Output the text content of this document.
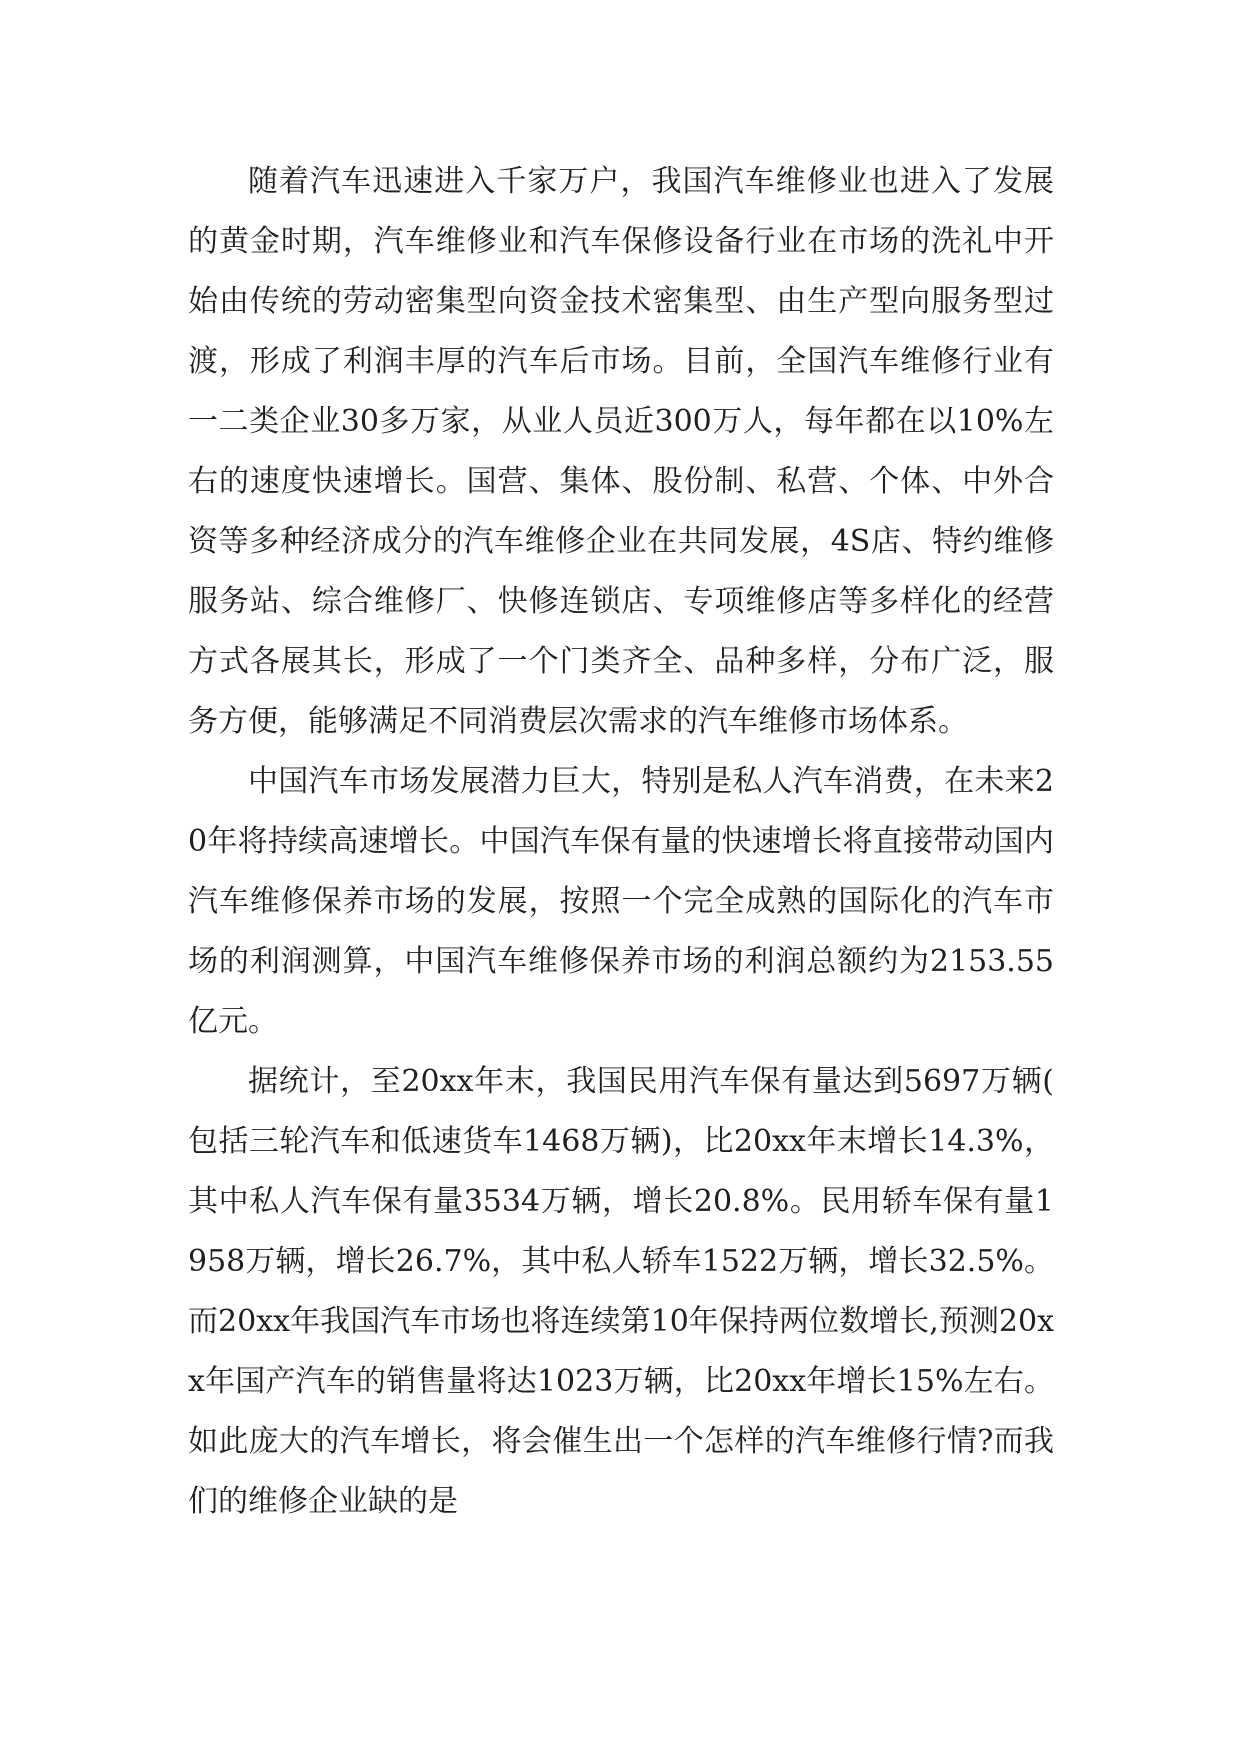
随着汽车迅速进入千家万户，我国汽车维修业也进入了发展的黄金时期，汽车维修业和汽车保修设备行业在市场的洗礼中开始由传统的劳动密集型向资金技术密集型、由生产型向服务型过渡，形成了利润丰厚的汽车后市场。目前，全国汽车维修行业有一二类企业30多万家，从业人员近300万人，每年都在以10%左右的速度快速增长。国营、集体、股份制、私营、个体、中外合资等多种经济成分的汽车维修企业在共同发展，4S店、特约维修服务站、综合维修厂、快修连锁店、专项维修店等多样化的经营方式各展其长，形成了一个门类齐全、品种多样，分布广泛，服务方便，能够满足不同消费层次需求的汽车维修市场体系。

中国汽车市场发展潜力巨大，特别是私人汽车消费，在未来20年将持续高速增长。中国汽车保有量的快速增长将直接带动国内汽车维修保养市场的发展，按照一个完全成熟的国际化的汽车市场的利润测算，中国汽车维修保养市场的利润总额约为2153.55亿元。

据统计，至20xx年末，我国民用汽车保有量达到5697万辆(包括三轮汽车和低速货车1468万辆)，比20xx年末增长14.3%，其中私人汽车保有量3534万辆，增长20.8%。民用轿车保有量1958万辆，增长26.7%，其中私人轿车1522万辆，增长32.5%。而20xx年我国汽车市场也将连续第10年保持两位数增长,预测20xx年国产汽车的销售量将达1023万辆，比20xx年增长15%左右。如此庞大的汽车增长，将会催生出一个怎样的汽车维修行情?而我们的维修企业缺的是
